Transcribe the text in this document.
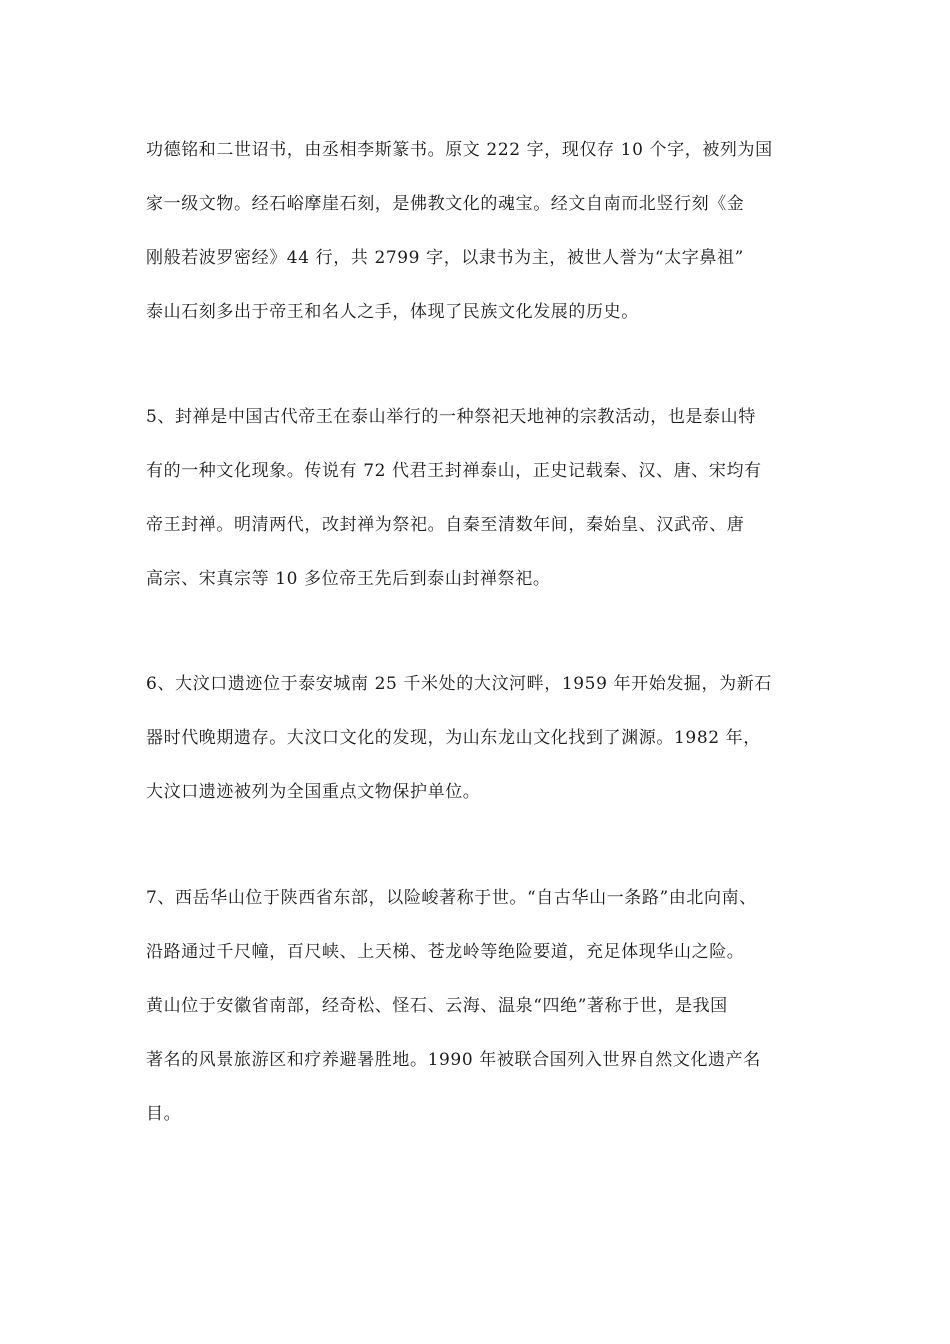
功德铭和二世诏书，由丞相李斯篆书。原文 222 字，现仅存 10 个字，被列为国
家一级文物。经石峪摩崖石刻，是佛教文化的魂宝。经文自南而北竖行刻《金
刚般若波罗密经》44 行，共 2799 字，以隶书为主，被世人誉为“太字鼻祖”
泰山石刻多出于帝王和名人之手，体现了民族文化发展的历史。
5、封禅是中国古代帝王在泰山举行的一种祭祀天地神的宗教活动，也是泰山特
有的一种文化现象。传说有 72 代君王封禅泰山，正史记载秦、汉、唐、宋均有
帝王封禅。明清两代，改封禅为祭祀。自秦至清数年间，秦始皇、汉武帝、唐
高宗、宋真宗等 10 多位帝王先后到泰山封禅祭祀。
6、大汶口遗迹位于泰安城南 25 千米处的大汶河畔，1959 年开始发掘，为新石
器时代晚期遗存。大汶口文化的发现，为山东龙山文化找到了渊源。1982 年，
大汶口遗迹被列为全国重点文物保护单位。
7、西岳华山位于陕西省东部，以险峻著称于世。“自古华山一条路”由北向南、
沿路通过千尺幢，百尺峡、上天梯、苍龙岭等绝险要道，充足体现华山之险。
黄山位于安徽省南部，经奇松、怪石、云海、温泉“四绝”著称于世，是我国
著名的风景旅游区和疗养避暑胜地。1990 年被联合国列入世界自然文化遗产名
目。
